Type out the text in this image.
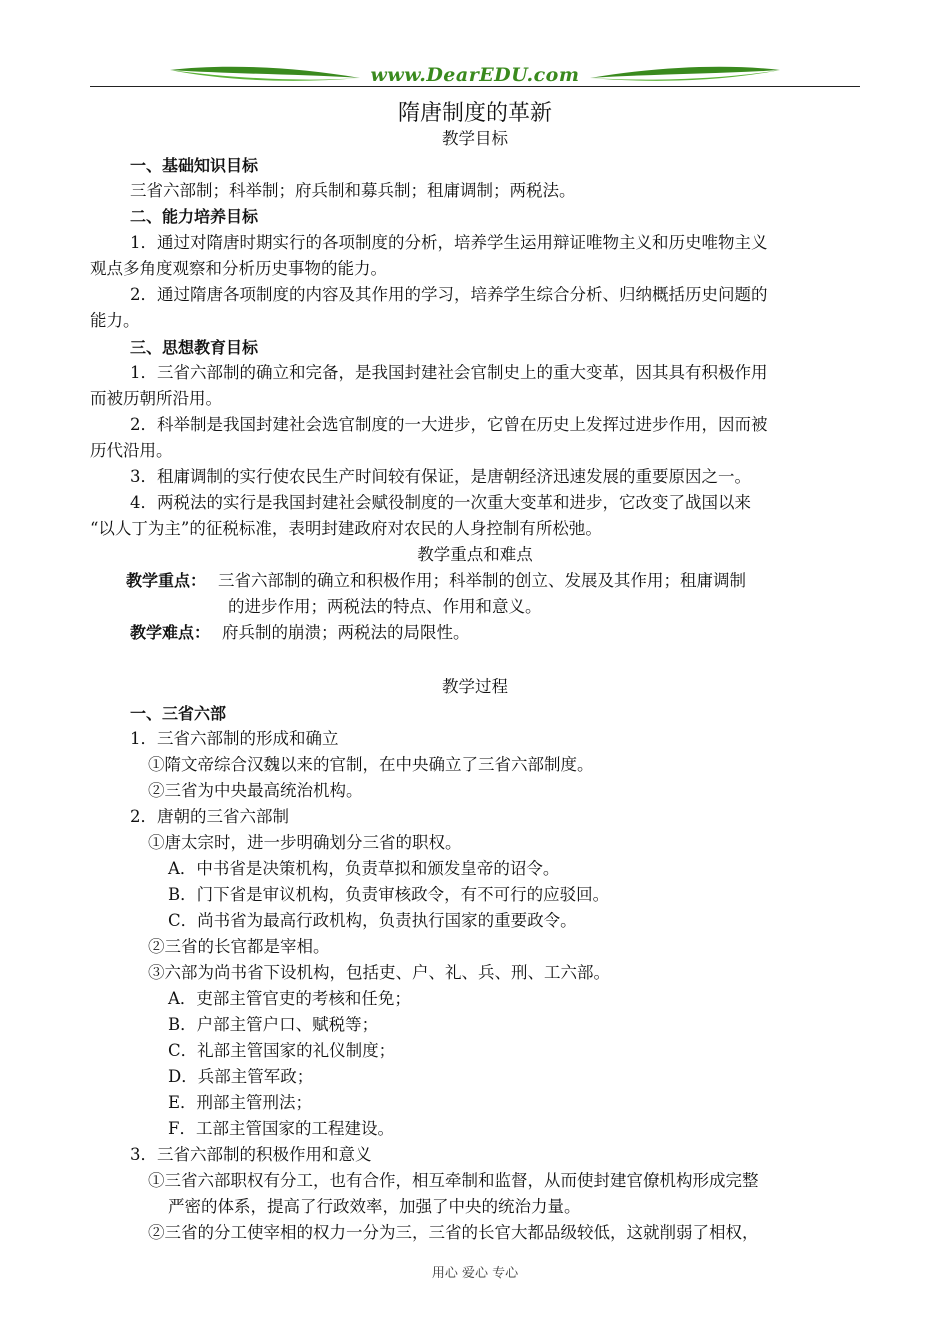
www.DearEDU.com
隋唐制度的革新
教学目标
一、基础知识目标
三省六部制；科举制；府兵制和募兵制；租庸调制；两税法。
二、能力培养目标
1．通过对隋唐时期实行的各项制度的分析，培养学生运用辩证唯物主义和历史唯物主义
观点多角度观察和分析历史事物的能力。
2．通过隋唐各项制度的内容及其作用的学习，培养学生综合分析、归纳概括历史问题的
能力。
三、思想教育目标
1．三省六部制的确立和完备，是我国封建社会官制史上的重大变革，因其具有积极作用
而被历朝所沿用。
2．科举制是我国封建社会选官制度的一大进步，它曾在历史上发挥过进步作用，因而被
历代沿用。
3．租庸调制的实行使农民生产时间较有保证，是唐朝经济迅速发展的重要原因之一。
4．两税法的实行是我国封建社会赋役制度的一次重大变革和进步，它改变了战国以来
“以人丁为主”的征税标准，表明封建政府对农民的人身控制有所松弛。
教学重点和难点
教学重点： 三省六部制的确立和积极作用；科举制的创立、发展及其作用；租庸调制
的进步作用；两税法的特点、作用和意义。
教学难点： 府兵制的崩溃；两税法的局限性。
教学过程
一、三省六部
1．三省六部制的形成和确立
①隋文帝综合汉魏以来的官制，在中央确立了三省六部制度。
②三省为中央最高统治机构。
2．唐朝的三省六部制
①唐太宗时，进一步明确划分三省的职权。
A．中书省是决策机构，负责草拟和颁发皇帝的诏令。
B．门下省是审议机构，负责审核政令，有不可行的应驳回。
C．尚书省为最高行政机构，负责执行国家的重要政令。
②三省的长官都是宰相。
③六部为尚书省下设机构，包括吏、户、礼、兵、刑、工六部。
A．吏部主管官吏的考核和任免；
B．户部主管户口、赋税等；
C．礼部主管国家的礼仪制度；
D．兵部主管军政；
E．刑部主管刑法；
F．工部主管国家的工程建设。
3．三省六部制的积极作用和意义
①三省六部职权有分工，也有合作，相互牵制和监督，从而使封建官僚机构形成完整
严密的体系，提高了行政效率，加强了中央的统治力量。
②三省的分工使宰相的权力一分为三，三省的长官大都品级较低，这就削弱了相权，
用心 爱心 专心
